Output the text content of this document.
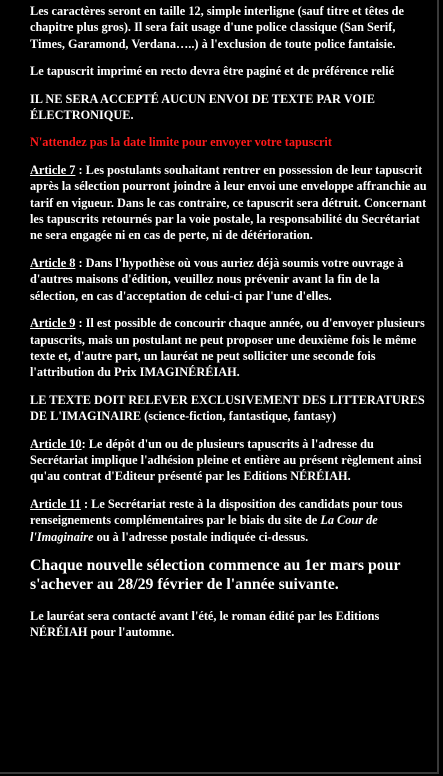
Les caractères seront en taille 12, simple interligne (sauf titre et têtes de chapitre plus gros). Il sera fait usage d'une police classique (San Serif, Times, Garamond, Verdana…..) à l'exclusion de toute police fantaisie.

Le tapuscrit imprimé en recto devra être paginé et de préférence relié

IL NE SERA ACCEPTÉ AUCUN ENVOI DE TEXTE PAR VOIE ÉLECTRONIQUE.

N'attendez pas la date limite pour envoyer votre tapuscrit

Article 7 : Les postulants souhaitant rentrer en possession de leur tapuscrit après la sélection pourront joindre à leur envoi une enveloppe affranchie au tarif en vigueur. Dans le cas contraire, ce tapuscrit sera détruit. Concernant les tapuscrits retournés par la voie postale, la responsabilité du Secrétariat ne sera engagée ni en cas de perte, ni de détérioration.

Article 8 : Dans l'hypothèse où vous auriez déjà soumis votre ouvrage à d'autres maisons d'édition, veuillez nous prévenir avant la fin de la sélection, en cas d'acceptation de celui-ci par l'une d'elles.

Article 9 : Il est possible de concourir chaque année, ou d'envoyer plusieurs tapuscrits, mais un postulant ne peut proposer une deuxième fois le même texte et, d'autre part, un lauréat ne peut solliciter une seconde fois l'attribution du Prix IMAGINÉRÉIAH.

LE TEXTE DOIT RELEVER EXCLUSIVEMENT DES LITTERATURES DE L'IMAGINAIRE (science-fiction, fantastique, fantasy)

Article 10: Le dépôt d'un ou de plusieurs tapuscrits à l'adresse du Secrétariat implique l'adhésion pleine et entière au présent règlement ainsi qu'au contrat d'Editeur présenté par les Editions NÉRÉIAH.

Article 11 : Le Secrétariat reste à la disposition des candidats pour tous renseignements complémentaires par le biais du site de La Cour de l'Imaginaire ou à l'adresse postale indiquée ci-dessus.

Chaque nouvelle sélection commence au 1er mars pour s'achever au 28/29 février de l'année suivante.

Le lauréat sera contacté avant l'été, le roman édité par les Editions NÉRÉIAH pour l'automne.
